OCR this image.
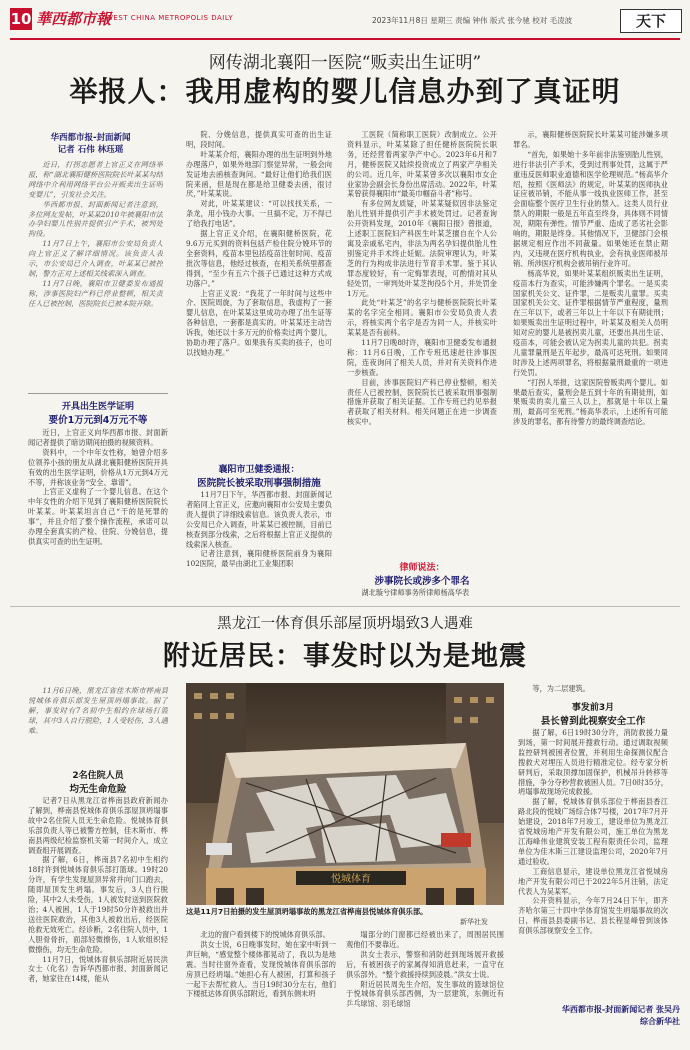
10 華西都市報
WEST CHINA METROPOLIS DAILY	2023年11月8日 星期三 责编 钟伟 版式 张今驰 校对 毛凌波	天下
网传湖北襄阳一医院“贩卖出生证明”
举报人：我用虚构的婴儿信息办到了真证明
华西都市报-封面新闻
记者 石伟 林珏瑶

近日，打拐志愿者上官正义在网络举报，称“湖北襄阳健桥医院院长叶某某勾结网络中介利用网络平台公开贩卖出生证明变婴儿”，引发社会关注。

华西都市报、封面新闻记者注意到，多位网友发帖，叶某某2010年被襄阳市法办孕妇婴儿性别并提供引产手术，被判处拘役。

11月7日上午，襄阳市公安局负责人向上官正义了解详细情况。该负责人表示，市公安局已介入调查，叶某某已被控制，警方正对上述相关线索深入调查。

11月7日晚，襄阳市卫健委发布通报称，涉事医院妇产科已停业整顿，相关责任人已被控制，医院院长已被本院开除。

开具出生医学证明
要价1万元到4万元不等

近日，上官正义向华西都市报、封面新闻记者提供了暗访期间拍摄的视频资料。

资料中，一个中年女性称，她曾介绍多位领养小孩的朋友从湖北襄阳健桥医院开具有效的出生医学证明，价格从1万元到4万元不等，并称该业务“安全、靠谱”。

上官正义虚构了一个婴儿信息。在这个中年女性的介绍下见到了襄阳健桥医院院长叶某某。叶某某坦言自己“干的是死罪的事”，并且介绍了整个操作流程，承诺可以办理全套真实的产检、住院、分娩信息，提供真实可查的出生证明。

院、分娩信息，提供真实可查的出生证明，段时间。

叶某某介绍，襄阳办理的出生证明到外地办理落户，如果外地部门察觉异常，一般会向发证地去函核查询问。“最好让他们给我们医院来函，但是现在都是给卫健委去函，很讨厌，”叶某某说。

对此，叶某某建议：“可以找找关系，一条龙，用小钱办大事。一旦搞不定，万不得已了给我打电话”。

据上官正义介绍，在襄阳健桥医院，花9.6万元买到的资料包括产检住院分娩环节的全套资料，疫苗本里包括疫苗注射时间、疫苗批次等信息，他经过核查，在相关系统里都查得到，“至少有五六个孩子已通过这种方式成功落户。”

上官正义说：“我花了一年时间与这些中介、医院周旋，为了套取信息，我虚构了一套婴儿信息，在叶某某这里成功办理了出生证等各种信息，一套都是真实的。叶某某还主动告诉我，她还以十多万元的价格卖过两个婴儿，协助办理了落户。如果我有买卖的孩子，也可以找她办理。”

襄阳市卫健委通报：
医院院长被采取刑事强制措施

11月7日下午，华西都市报、封面新闻记者陷同上官正义，应邀向襄阳市公安局主要负责人提供了详细线索信息。该负责人表示，市公安局已介入调查，叶某某已被控制，目前已核查到部分线索，之后将根据上官正义提供的线索深入核查。

记者注意到，襄阳健桥医院前身为襄阳102医院，最早由湖北工业集团职

工医院（简称职工医院）改制成立。公开资料显示，叶某某除了担任健桥医院院长职务，还经营着两家孕产中心。2023年6月和7月，健桥医院又陆续投资成立了两家产孕相关的公司。近几年，叶某某曾多次以襄阳市女企业家协会副会长身份出席活动。2022年，叶某某曾获得襄阳市“最美巾帼奋斗者”称号。

有多位网友质疑，叶某某疑似因非法鉴定胎儿性别并提供引产手术被处罚过。记者查询公开资料发现，2010年《襄阳日报》曾报道，上述职工医院妇产科医生叶某芝擅自在个人公寓及亲戚私宅内，非法为两名孕妇提供胎儿性别鉴定并手术终止妊娠。法院审理认为，叶某芝的行为构成非法进行节育手术罪。鉴于其认罪态度较好，有一定悔罪表现，可酌情对其从轻处罚，一审判处叶某芝拘役5个月，并处罚金1万元。

此处“叶某芝”的名字与健桥医院院长叶某某的名字完全相同。襄阳市公安局负责人表示，将核实两个名字是否为同一人，并核实叶某某是否有前科。

11月7日晚8时许，襄阳市卫健委发布通报称：11月6日晚，工作专班迅速赶往涉事医院，连夜询问了相关人员，并对有关资料作进一步核查。

目前，涉事医院妇产科已停业整顿，相关责任人已被控制，医院院长已被采取刑事强制措施并获取了相关证据。工作专班已约见举报者获取了相关材料。相关问题正在进一步调查核实中。

律师说法：
涉事院长或涉多个罪名

湖北璇兮律师事务所律师杨高华表

示，襄阳健桥医院院长叶某某可能涉嫌多项罪名。

“首先，如果她十多年前非法鉴别胎儿性别，进行非法引产手术，受到过刑事处罚，这属于严重违反医师职业道德和医学伦理规范。”杨高华介绍，按照《医师法》的规定，叶某某的医师执业证应被吊销，不能从事一线执业医师工作，甚至会面临整个医疗卫生行业的禁入。这类人员行业禁入的期限一般是五年直至终身，具体则不同情况，期限有弹性。情节严重、造成了恶劣社会影响的，期限是终身。其他情况下，卫健部门会根据规定相应作出不同裁量。如果她还在禁止期内，又违规在医疗机构执业，会有执业医师被吊销、所涉医疗机构会被吊销行业许可。

杨高华说，如果叶某某组织贩卖出生证明，疫苗本行为查实，可能涉嫌两个罪名。一是买卖国家机关公文、证件罪，二是贩卖儿童罪。买卖国家机关公文、证件罪根据情节严重程度，量刑在三年以下，或者三年以上十年以下有期徒刑；如果贩卖出生证明过程中，叶某某及相关人员明知对应的婴儿是被拐卖儿童，还要出具出生证、疫苗本，可能会被认定为拐卖儿童的共犯。拐卖儿童罪量刑是五年起步，最高可达死刑。如果同时涉及上述两项罪名，将根据量刑最重的一项进行处罚。

“打拐人举报，这家医院曾贩卖两个婴儿。如果最后查实，量刑会是五到十年的有期徒刑，如果贩卖的卖儿童三人以上，那就是十年以上量刑，最高可至死刑。”杨高华表示，上述所有可能涉及的罪名，都有待警方的最终调查结论。

黑龙江一体育俱乐部屋顶坍塌致3人遇难
附近居民：事发时以为是地震

11月6日晚，黑龙江省佳木斯市桦南县悦城体育俱乐部发生屋顶坍塌事故。据了解，事发时有7名初中生相约在球场打篮球，其中3人自行脱险，1人受轻伤，3人遇难。

2名住院人员
均无生命危险

记者7日从黑龙江省桦南县政府新闻办了解到，桦南县悦城体育俱乐部屋顶坍塌事故中2名住院人员无生命危险。悦城体育俱乐部负责人等已被警方控制，佳木斯市、桦南县两级纪检监察机关第一时间介入，成立调查组开展调查。

据了解，6日，桦南县7名初中生相约18时许到悦城体育俱乐部打篮球。19时20分许，有学生发现屋顶异常并向门口跑去，随即屋顶发生坍塌。事发后，3人自行脱险，其中2人未受伤，1人被发时送到医院救治；4人被困，1人于19时50分许被救出并送往医院救治，其他3人被救出后，经医院抢救无效死亡。经诊断，2名住院人员中，1人胆骨骨折，面部轻微擦伤，1人软组织轻微擦伤，均无生命危险。

11月7日，悦城体育俱乐部附近居民洪女士（化名）告诉华西都市报、封面新闻记者，她家住在14楼，能从

悦城体育
这是11月7日拍摄的发生屋顶坍塌事故的黑龙江省桦南县悦城体育俱乐部。
新华社发

北边的窗户看到楼下的悦城体育俱乐部。

洪女士说，6日晚事发时，她在家中听到一声巨响，“感觉整个楼体都晃动了，我以为是地震。当时往窗外查看，发现悦城体育俱乐部的房顶已经坍塌。”她担心有人被困，打算和孩子一起下去帮忙救人。当日19时30分左右，他们下楼抵达体育俱乐部附近，看到东侧未坍

塌部分的门窗都已经被出来了，周围居民围观他们不要靠近。

洪女士表示，警察和消防赶到现场展开救援后，有被困孩子的家属得知消息赶来，一直守在俱乐部外。“整个救援持续到凌晨。”洪女士说。

附近居民周先生介绍，发生事故的篮球馆位于悦城体育俱乐部西侧，为一层建筑，东侧近有乒乓球馆、羽毛球馆

等，为二层建筑。

事发前3月
县长曾到此视察安全工作

据了解，6日19时30分许，消防救援力量到场，第一时间展开搜救行动。通过调取视频监控研判被困者位置，并利用生命探测仪配合搜救犬对埋压人员进行精准定位。经专家分析研判后，采取顶撑加固保护，机械吊升转移等措施，争分夺秒营救被困人员。7日0时35分，坍塌事故现场完成救援。

据了解，悦城体育俱乐部位于桦南县香江路北段的悦城广场综合体7号楼，2017年7月开始建设，2018年7月竣工，建设单位为黑龙江省悦城房地产开发有限公司，施工单位为黑龙江海峰伟业建筑安装工程有限责任公司，监理单位为佳木斯三江建设监理公司，2020年7月通过验收。

工商信息显示，建设单位黑龙江省悦城房地产开发有限公司已于2022年5月注销，法定代表人为吴某军。

公开资料显示，今年7月24日下午，即齐齐哈尔第三十四中学体育馆发生坍塌事故的次日，桦南县县委副书记、县长程显峰曾到该体育俱乐部视察安全工作。

华西都市报-封面新闻记者 张吴丹
综合新华社
